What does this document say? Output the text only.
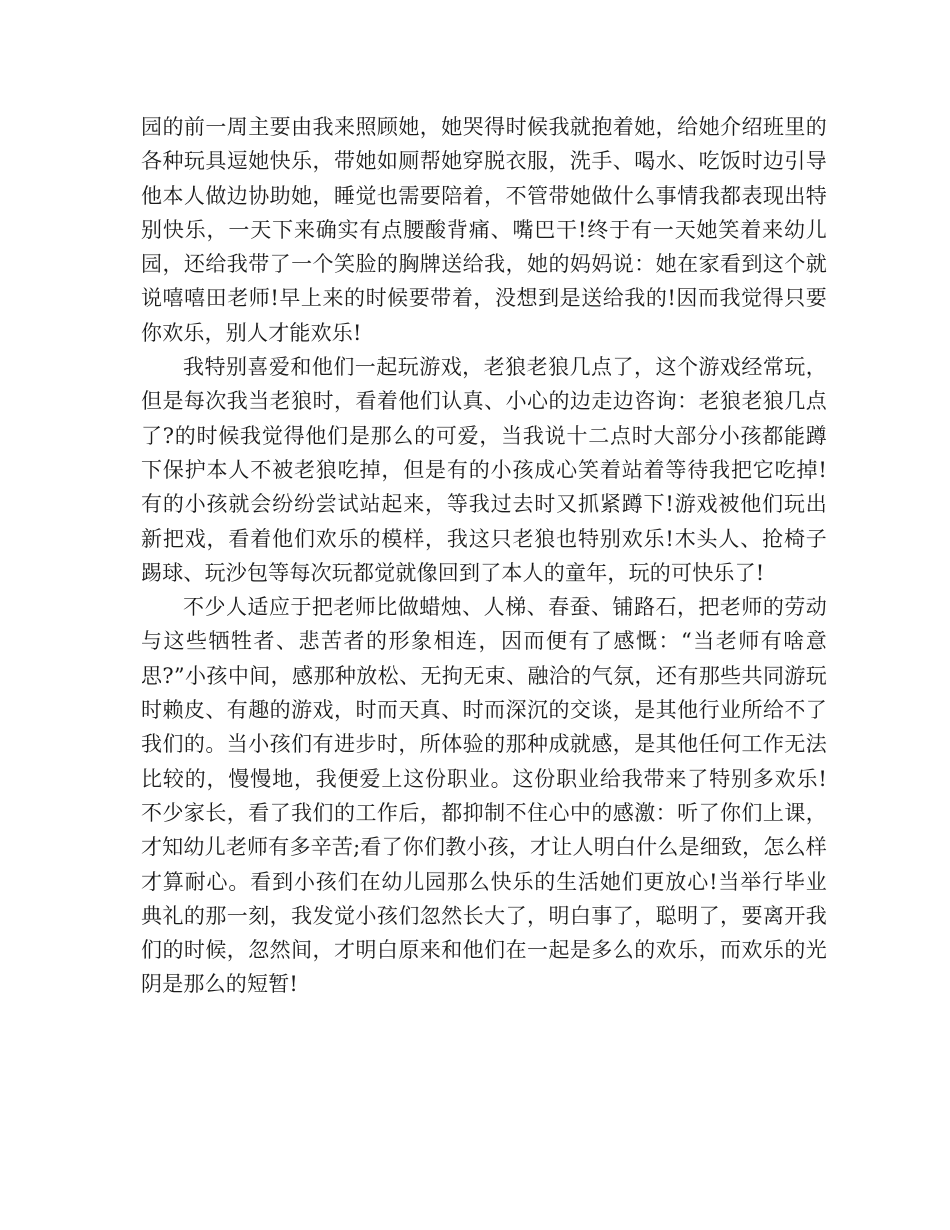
园的前一周主要由我来照顾她，她哭得时候我就抱着她，给她介绍班里的各种玩具逗她快乐，带她如厕帮她穿脱衣服，洗手、喝水、吃饭时边引导他本人做边协助她，睡觉也需要陪着，不管带她做什么事情我都表现出特别快乐，一天下来确实有点腰酸背痛、嘴巴干!终于有一天她笑着来幼儿园，还给我带了一个笑脸的胸牌送给我，她的妈妈说：她在家看到这个就说嘻嘻田老师!早上来的时候要带着，没想到是送给我的!因而我觉得只要你欢乐，别人才能欢乐!

我特别喜爱和他们一起玩游戏，老狼老狼几点了，这个游戏经常玩，但是每次我当老狼时，看着他们认真、小心的边走边咨询：老狼老狼几点了?的时候我觉得他们是那么的可爱，当我说十二点时大部分小孩都能蹲下保护本人不被老狼吃掉，但是有的小孩成心笑着站着等待我把它吃掉!有的小孩就会纷纷尝试站起来，等我过去时又抓紧蹲下!游戏被他们玩出新把戏，看着他们欢乐的模样，我这只老狼也特别欢乐!木头人、抢椅子踢球、玩沙包等每次玩都觉就像回到了本人的童年，玩的可快乐了!

不少人适应于把老师比做蜡烛、人梯、春蚕、铺路石，把老师的劳动与这些牺牲者、悲苦者的形象相连，因而便有了感慨：“当老师有啥意思?”小孩中间，感那种放松、无拘无束、融洽的气氛，还有那些共同游玩时赖皮、有趣的游戏，时而天真、时而深沉的交谈，是其他行业所给不了我们的。当小孩们有进步时，所体验的那种成就感，是其他任何工作无法比较的，慢慢地，我便爱上这份职业。这份职业给我带来了特别多欢乐!不少家长，看了我们的工作后，都抑制不住心中的感激：听了你们上课，才知幼儿老师有多辛苦;看了你们教小孩，才让人明白什么是细致，怎么样才算耐心。看到小孩们在幼儿园那么快乐的生活她们更放心!当举行毕业典礼的那一刻，我发觉小孩们忽然长大了，明白事了，聪明了，要离开我们的时候，忽然间，才明白原来和他们在一起是多么的欢乐，而欢乐的光阴是那么的短暂!
